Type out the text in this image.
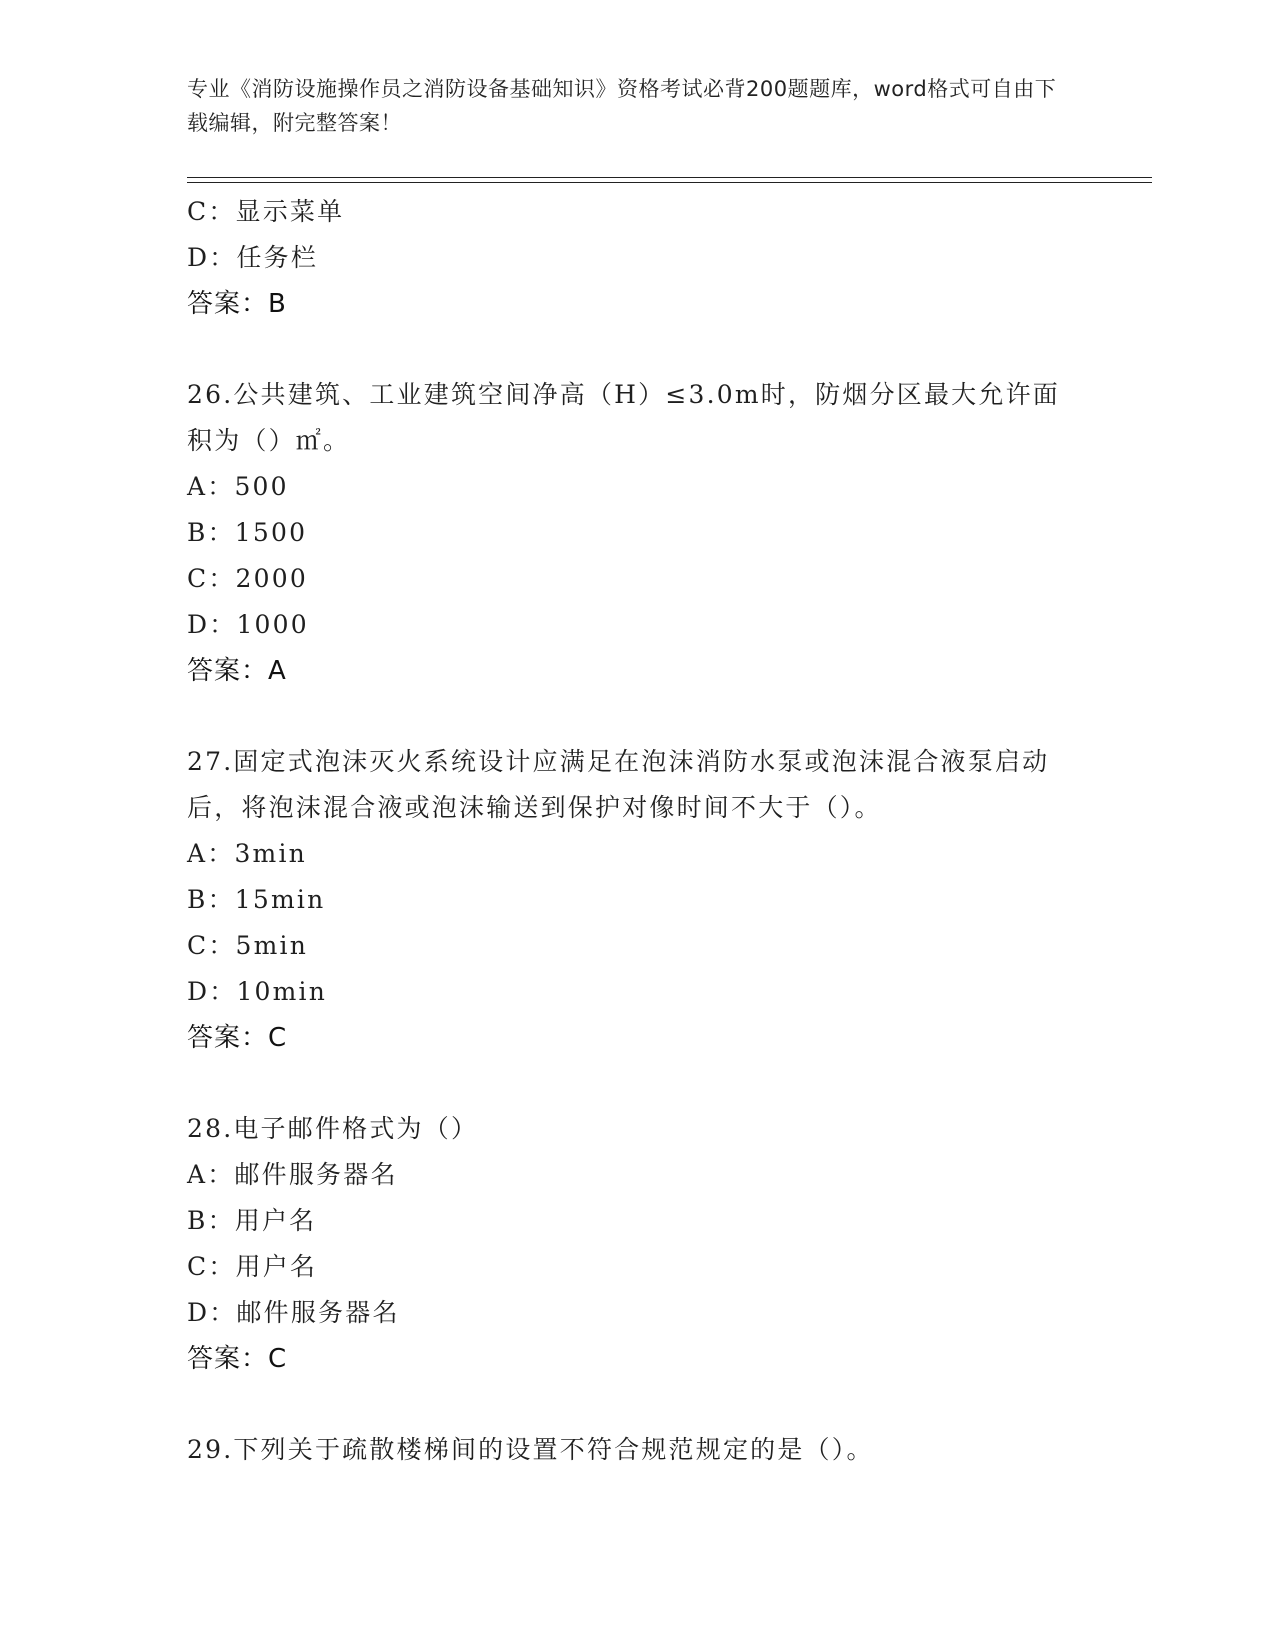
专业《消防设施操作员之消防设备基础知识》资格考试必背200题题库，word格式可自由下载编辑，附完整答案！
C：显示菜单
D：任务栏
答案：B
26.公共建筑、工业建筑空间净高（H）≤3.0m时，防烟分区最大允许面积为（）㎡。
A：500
B：1500
C：2000
D：1000
答案：A
27.固定式泡沫灭火系统设计应满足在泡沫消防水泵或泡沫混合液泵启动后，将泡沫混合液或泡沫输送到保护对像时间不大于（）。
A：3min
B：15min
C：5min
D：10min
答案：C
28.电子邮件格式为（）
A：邮件服务器名
B：用户名
C：用户名
D：邮件服务器名
答案：C
29.下列关于疏散楼梯间的设置不符合规范规定的是（）。
